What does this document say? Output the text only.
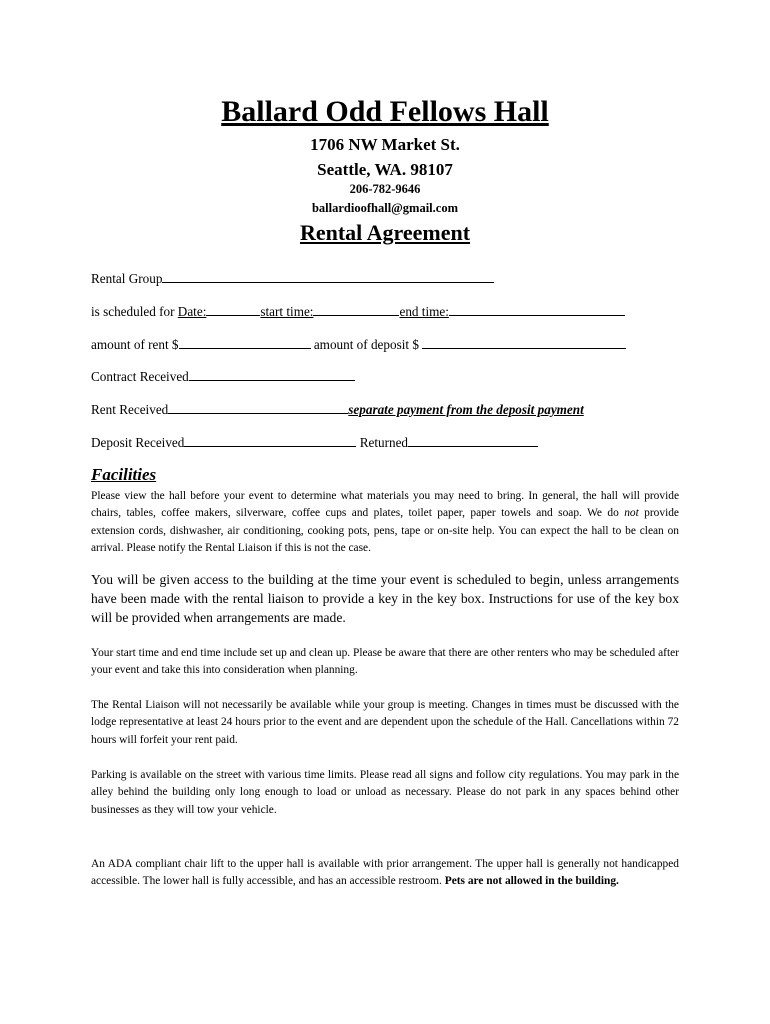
Ballard Odd Fellows Hall
1706 NW Market St.
Seattle, WA. 98107
206-782-9646
ballardioofhall@gmail.com
Rental Agreement
Rental Group
is scheduled for Date:	start time:	end time:
amount of rent $	amount of deposit $
Contract Received
Rent Received	separate payment from the deposit payment
Deposit Received	Returned
Facilities
Please view the hall before your event to determine what materials you may need to bring. In general, the hall will provide chairs, tables, coffee makers, silverware, coffee cups and plates, toilet paper, paper towels and soap. We do not provide extension cords, dishwasher, air conditioning, cooking pots, pens, tape or on-site help. You can expect the hall to be clean on arrival. Please notify the Rental Liaison if this is not the case.
You will be given access to the building at the time your event is scheduled to begin, unless arrangements have been made with the rental liaison to provide a key in the key box. Instructions for use of the key box will be provided when arrangements are made.
Your start time and end time include set up and clean up. Please be aware that there are other renters who may be scheduled after your event and take this into consideration when planning.
The Rental Liaison will not necessarily be available while your group is meeting. Changes in times must be discussed with the lodge representative at least 24 hours prior to the event and are dependent upon the schedule of the Hall. Cancellations within 72 hours will forfeit your rent paid.
Parking is available on the street with various time limits. Please read all signs and follow city regulations. You may park in the alley behind the building only long enough to load or unload as necessary. Please do not park in any spaces behind other businesses as they will tow your vehicle.
An ADA compliant chair lift to the upper hall is available with prior arrangement. The upper hall is generally not handicapped accessible. The lower hall is fully accessible, and has an accessible restroom. Pets are not allowed in the building.
